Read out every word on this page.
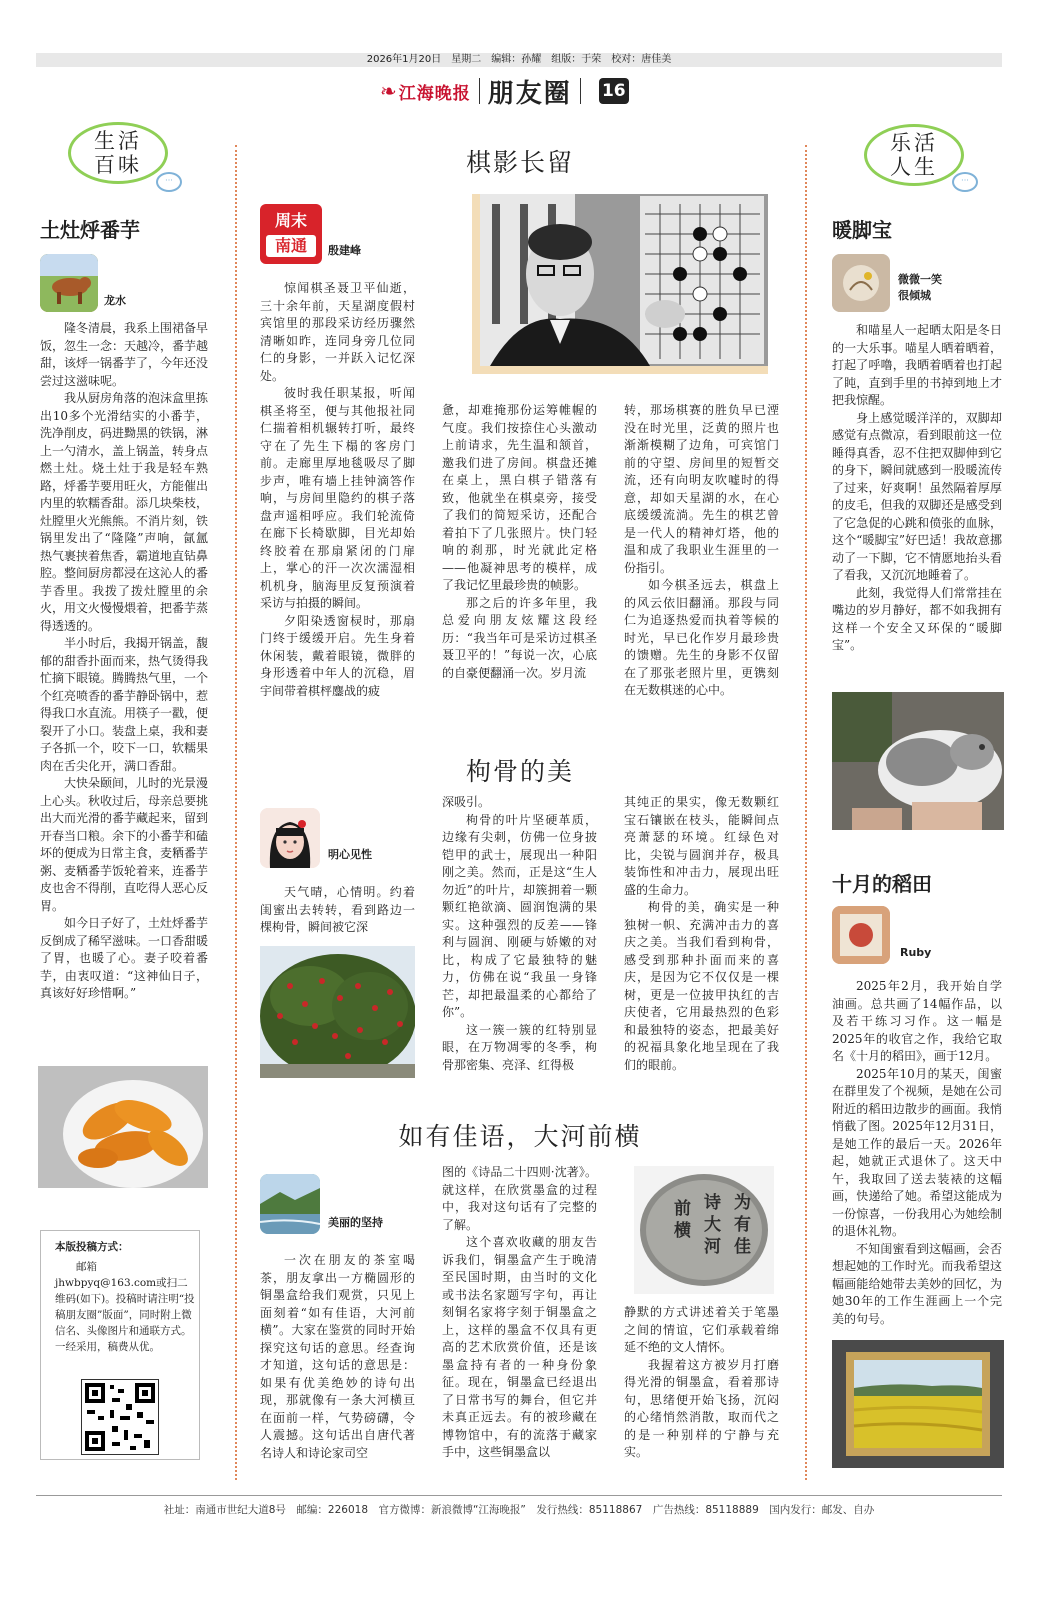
2026年1月20日　星期二　编辑：孙耀　组版：于荣　校对：唐佳美
❧ 江海晚报 朋友圈 16
生活
百味
···
土灶烀番芋
龙水

隆冬清晨，我系上围裙备早饭，忽生一念：天越冷，番芋越甜，该烀一锅番芋了，今年还没尝过这滋味呢。

我从厨房角落的泡沫盒里拣出10多个光滑结实的小番芋，洗净削皮，码进黝黑的铁锅，淋上一勺清水，盖上锅盖，转身点燃土灶。烧土灶于我是轻车熟路，烀番芋要用旺火，方能催出内里的软糯香甜。添几块柴枝，灶膛里火光熊熊。不消片刻，铁锅里发出了“隆隆”声响，氤氲热气裹挟着焦香，霸道地直钻鼻腔。整间厨房都浸在这沁人的番芋香里。我拨了拨灶膛里的余火，用文火慢慢煨着，把番芋蒸得透透的。

半小时后，我揭开锅盖，馥郁的甜香扑面而来，热气烫得我忙摘下眼镜。腾腾热气里，一个个红亮喷香的番芋静卧锅中，惹得我口水直流。用筷子一戳，便裂开了小口。装盘上桌，我和妻子各抓一个，咬下一口，软糯果肉在舌尖化开，满口香甜。

大快朵颐间，儿时的光景漫上心头。秋收过后，母亲总要挑出大而光滑的番芋藏起来，留到开春当口粮。余下的小番芋和磕坏的便成为日常主食，麦粞番芋粥、麦粞番芋饭轮着来，连番芋皮也舍不得削，直吃得人恶心反胃。

如今日子好了，土灶烀番芋反倒成了稀罕滋味。一口香甜暖了胃，也暖了心。妻子咬着番芋，由衷叹道：“这神仙日子，真该好好珍惜啊。”

本版投稿方式：
邮箱jhwbpyq@163.com或扫二维码(如下)。投稿时请注明“投稿朋友圈”版面”，同时附上微信名、头像图片和通联方式。一经采用，稿费从优。
棋影长留
周末
南通	殷建峰

惊闻棋圣聂卫平仙逝，三十余年前，天星湖度假村宾馆里的那段采访经历骤然清晰如昨，连同身旁几位同仁的身影，一并跃入记忆深处。

彼时我任职某报，听闻棋圣将至，便与其他报社同仁揣着相机辗转打听，最终守在了先生下榻的客房门前。走廊里厚地毯吸尽了脚步声，唯有墙上挂钟滴答作响，与房间里隐约的棋子落盘声遥相呼应。我们轮流倚在廊下长椅歇脚，目光却始终胶着在那扇紧闭的门扉上，掌心的汗一次次濡湿相机机身，脑海里反复预演着采访与拍摄的瞬间。

夕阳染透窗棂时，那扇门终于缓缓开启。先生身着休闲装，戴着眼镜，微胖的身形透着中年人的沉稳，眉宇间带着棋枰鏖战的疲

惫，却难掩那份运筹帷幄的气度。我们按捺住心头激动上前请求，先生温和颔首，邀我们进了房间。棋盘还摊在桌上，黑白棋子错落有致，他就坐在棋桌旁，接受了我们的简短采访，还配合着拍下了几张照片。快门轻响的刹那，时光就此定格——他凝神思考的模样，成了我记忆里最珍贵的帧影。

那之后的许多年里，我总爱向朋友炫耀这段经历：“我当年可是采访过棋圣聂卫平的！”每说一次，心底的自豪便翻涌一次。岁月流

转，那场棋赛的胜负早已湮没在时光里，泛黄的照片也渐渐模糊了边角，可宾馆门前的守望、房间里的短暂交流，还有向明友吹嘘时的得意，却如天星湖的水，在心底缓缓流淌。先生的棋艺曾是一代人的精神灯塔，他的温和成了我职业生涯里的一份指引。

如今棋圣远去，棋盘上的风云依旧翻涌。那段与同仁为追逐热爱而执着等候的时光，早已化作岁月最珍贵的馈赠。先生的身影不仅留在了那张老照片里，更镌刻在无数棋迷的心中。

枸骨的美
明心见性

天气晴，心情明。约着闺蜜出去转转，看到路边一棵枸骨，瞬间被它深

深吸引。

枸骨的叶片坚硬革质，边缘有尖刺，仿佛一位身披铠甲的武士，展现出一种阳刚之美。然而，正是这“生人勿近”的叶片，却簇拥着一颗颗红艳欲滴、圆润饱满的果实。这种强烈的反差——锋利与圆润、刚硬与娇嫩的对比，构成了它最独特的魅力，仿佛在说“我虽一身锋芒，却把最温柔的心都给了你”。

这一簇一簇的红特别显眼，在万物凋零的冬季，枸骨那密集、亮泽、红得极

其纯正的果实，像无数颗红宝石镶嵌在枝头，能瞬间点亮萧瑟的环境。红绿色对比，尖锐与圆润并存，极具装饰性和冲击力，展现出旺盛的生命力。

枸骨的美，确实是一种独树一帜、充满冲击力的喜庆之美。当我们看到枸骨，感受到那种扑面而来的喜庆，是因为它不仅仅是一棵树，更是一位披甲执红的吉庆使者，它用最热烈的色彩和最独特的姿态，把最美好的祝福具象化地呈现在了我们的眼前。

如有佳语，大河前横
美丽的坚持

一次在朋友的茶室喝茶，朋友拿出一方椭圆形的铜墨盒给我们观赏，只见上面刻着“如有佳语，大河前横”。大家在鉴赏的同时开始探究这句话的意思。经查询才知道，这句话的意思是：如果有优美绝妙的诗句出现，那就像有一条大河横亘在面前一样，气势磅礴，令人震撼。这句话出自唐代著名诗人和诗论家司空

图的《诗品二十四则·沈著》。就这样，在欣赏墨盒的过程中，我对这句话有了完整的了解。

这个喜欢收藏的朋友告诉我们，铜墨盒产生于晚清至民国时期，由当时的文化或书法名家题写字句，再让刻铜名家将字刻于铜墨盒之上，这样的墨盒不仅具有更高的艺术欣赏价值，还是该墨盒持有者的一种身份象征。现在，铜墨盒已经退出了日常书写的舞台，但它并未真正远去。有的被珍藏在博物馆中，有的流落于藏家手中，这些铜墨盒以

为
有
佳
诗
大
河
前
横

静默的方式讲述着关于笔墨之间的情谊，它们承载着绵延不绝的文人情怀。

我握着这方被岁月打磨得光滑的铜墨盒，看着那诗句，思绪便开始飞扬，沉闷的心绪悄然消散，取而代之的是一种别样的宁静与充实。

乐活
人生
···
暖脚宝
微微一笑
很倾城

和喵星人一起晒太阳是冬日的一大乐事。喵星人晒着晒着，打起了呼噜，我晒着晒着也打起了盹，直到手里的书掉到地上才把我惊醒。

身上感觉暖洋洋的，双脚却感觉有点微凉，看到眼前这一位睡得真香，忍不住把双脚伸到它的身下，瞬间就感到一股暖流传了过来，好爽啊！虽然隔着厚厚的皮毛，但我的双脚还是感受到了它急促的心跳和偾张的血脉，这个“暖脚宝”好巴适！我故意挪动了一下脚，它不情愿地抬头看了看我，又沉沉地睡着了。

此刻，我觉得人们常常挂在嘴边的岁月静好，都不如我拥有这样一个安全又环保的“暖脚宝”。

十月的稻田
Ruby

2025年2月，我开始自学油画。总共画了14幅作品，以及若干练习习作。这一幅是2025年的收官之作，我给它取名《十月的稻田》，画于12月。

2025年10月的某天，闺蜜在群里发了个视频，是她在公司附近的稻田边散步的画面。我悄悄截了图。2025年12月31日，是她工作的最后一天。2026年起，她就正式退休了。这天中午，我取回了送去装裱的这幅画，快递给了她。希望这能成为一份惊喜，一份我用心为她绘制的退休礼物。

不知闺蜜看到这幅画，会否想起她的工作时光。而我希望这幅画能给她带去美妙的回忆，为她30年的工作生涯画上一个完美的句号。

社址：南通市世纪大道8号　邮编：226018　官方微博：新浪微博“江海晚报”　发行热线：85118867　广告热线：85118889　国内发行：邮发、自办
